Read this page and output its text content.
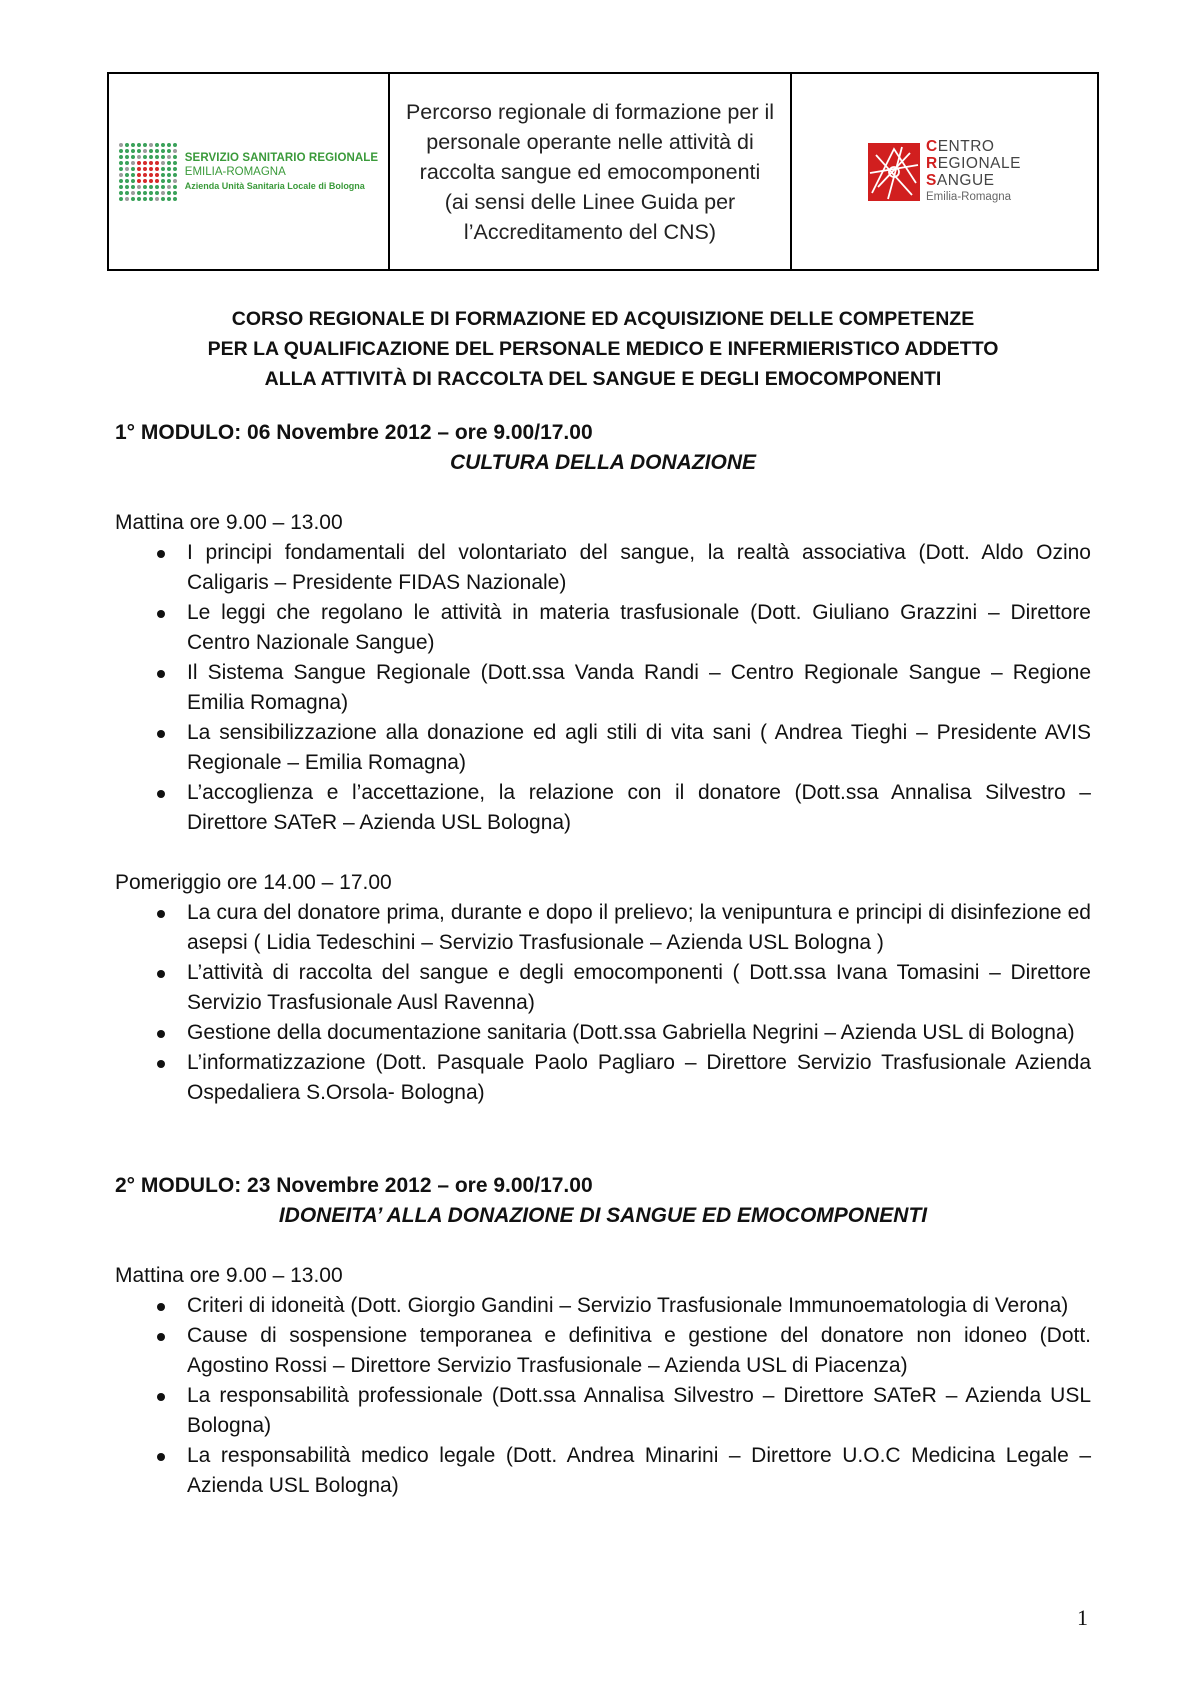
SERVIZIO SANITARIO REGIONALE
EMILIA-ROMAGNA
Azienda Unità Sanitaria Locale di Bologna

Percorso regionale di formazione per il

personale operante nelle attività di

raccolta sangue ed emocomponenti

(ai sensi delle Linee Guida per

l’Accreditamento del CNS)

CENTRO
REGIONALE
SANGUE
Emilia-Romagna
CORSO REGIONALE DI FORMAZIONE ED ACQUISIZIONE DELLE COMPETENZE
PER LA QUALIFICAZIONE DEL PERSONALE MEDICO E INFERMIERISTICO ADDETTO
ALLA ATTIVITÀ DI RACCOLTA DEL SANGUE E DEGLI EMOCOMPONENTI
1° MODULO: 06 Novembre 2012 – ore 9.00/17.00
CULTURA DELLA DONAZIONE

Mattina ore 9.00 – 13.00

I principi fondamentali del volontariato del sangue, la realtà associativa (Dott. Aldo Ozino Caligaris – Presidente FIDAS Nazionale)
Le leggi che regolano le attività in materia trasfusionale (Dott. Giuliano Grazzini – Direttore Centro Nazionale Sangue)
Il Sistema Sangue Regionale (Dott.ssa Vanda Randi – Centro Regionale Sangue – Regione Emilia Romagna)
La sensibilizzazione alla donazione ed agli stili di vita sani ( Andrea Tieghi – Presidente AVIS Regionale – Emilia Romagna)
L’accoglienza e l’accettazione, la relazione con il donatore (Dott.ssa Annalisa Silvestro – Direttore SATeR – Azienda USL Bologna)

Pomeriggio ore 14.00 – 17.00

La cura del donatore prima, durante e dopo il prelievo; la venipuntura e principi di disinfezione ed asepsi ( Lidia Tedeschini – Servizio Trasfusionale – Azienda USL Bologna )
L’attività di raccolta del sangue e degli emocomponenti ( Dott.ssa Ivana Tomasini – Direttore Servizio Trasfusionale Ausl Ravenna)
Gestione della documentazione sanitaria (Dott.ssa Gabriella Negrini – Azienda USL di Bologna)
L’informatizzazione (Dott. Pasquale Paolo Pagliaro – Direttore Servizio Trasfusionale Azienda Ospedaliera S.Orsola- Bologna)
2° MODULO: 23 Novembre 2012 – ore 9.00/17.00
IDONEITA’ ALLA DONAZIONE DI SANGUE ED EMOCOMPONENTI

Mattina ore 9.00 – 13.00

Criteri di idoneità (Dott. Giorgio Gandini – Servizio Trasfusionale Immunoematologia di Verona)
Cause di sospensione temporanea e definitiva e gestione del donatore non idoneo (Dott. Agostino Rossi – Direttore Servizio Trasfusionale – Azienda USL di Piacenza)
La responsabilità professionale (Dott.ssa Annalisa Silvestro – Direttore SATeR – Azienda USL Bologna)
La responsabilità medico legale (Dott. Andrea Minarini – Direttore U.O.C Medicina Legale – Azienda USL Bologna)
1
